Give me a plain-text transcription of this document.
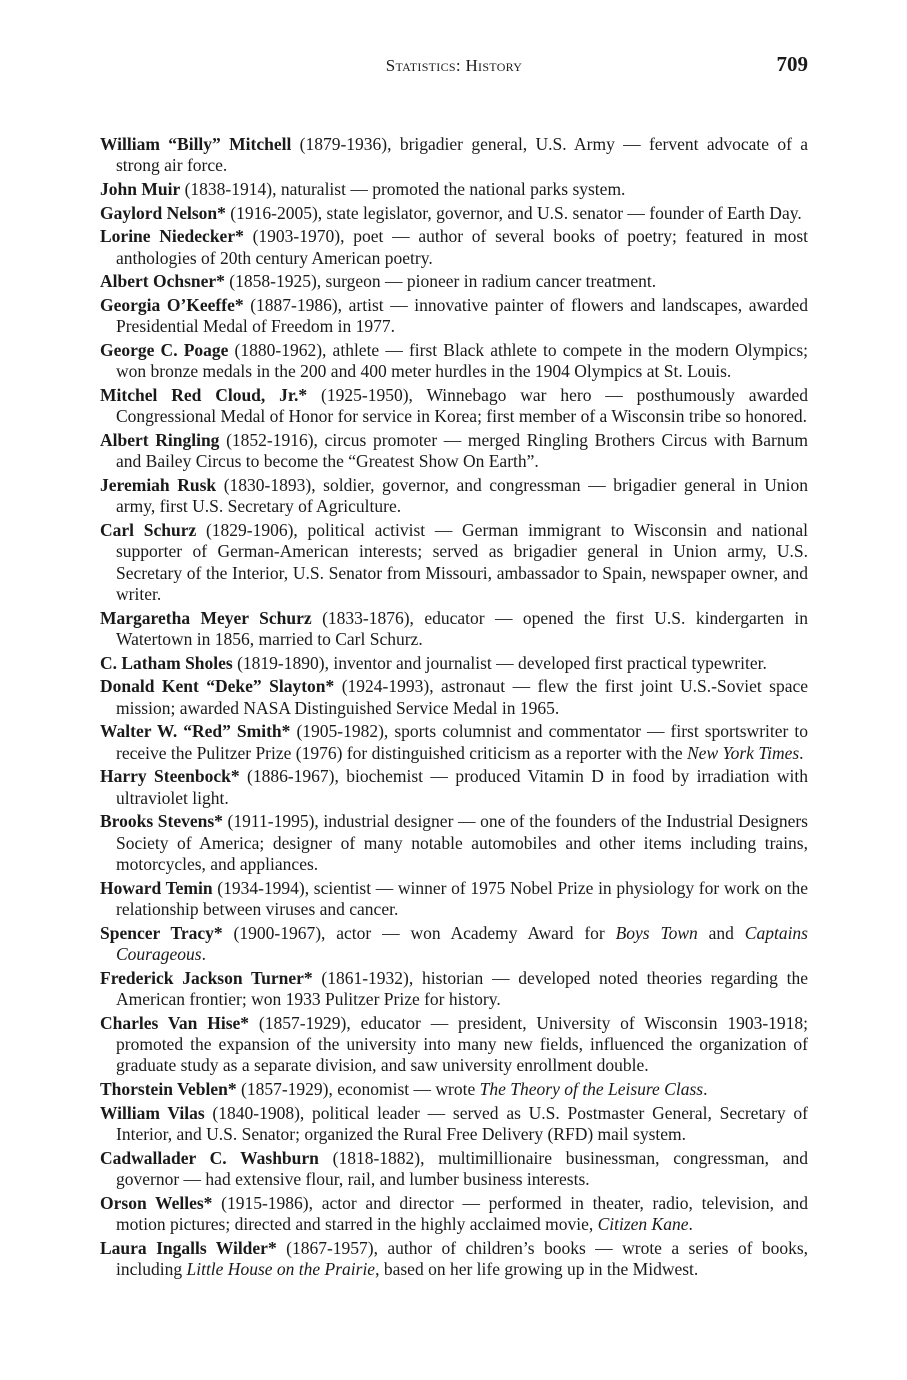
Statistics: History	709

William “Billy” Mitchell (1879-1936), brigadier general, U.S. Army — fervent advocate of a strong air force.

John Muir (1838-1914), naturalist — promoted the national parks system.

Gaylord Nelson* (1916-2005), state legislator, governor, and U.S. senator — founder of Earth Day.

Lorine Niedecker* (1903-1970), poet — author of several books of poetry; featured in most anthologies of 20th century American poetry.

Albert Ochsner* (1858-1925), surgeon — pioneer in radium cancer treatment.

Georgia O’Keeffe* (1887-1986), artist — innovative painter of flowers and landscapes, awarded Presidential Medal of Freedom in 1977.

George C. Poage (1880-1962), athlete — first Black athlete to compete in the modern Olympics; won bronze medals in the 200 and 400 meter hurdles in the 1904 Olympics at St. Louis.

Mitchel Red Cloud, Jr.* (1925-1950), Winnebago war hero — posthumously awarded Congressional Medal of Honor for service in Korea; first member of a Wisconsin tribe so honored.

Albert Ringling (1852-1916), circus promoter — merged Ringling Brothers Circus with Barnum and Bailey Circus to become the “Greatest Show On Earth”.

Jeremiah Rusk (1830-1893), soldier, governor, and congressman — brigadier general in Union army, first U.S. Secretary of Agriculture.

Carl Schurz (1829-1906), political activist — German immigrant to Wisconsin and national supporter of German-American interests; served as brigadier general in Union army, U.S. Secretary of the Interior, U.S. Senator from Missouri, ambassador to Spain, newspaper owner, and writer.

Margaretha Meyer Schurz (1833-1876), educator — opened the first U.S. kindergarten in Watertown in 1856, married to Carl Schurz.

C. Latham Sholes (1819-1890), inventor and journalist — developed first practical typewriter.

Donald Kent “Deke” Slayton* (1924-1993), astronaut — flew the first joint U.S.-Soviet space mission; awarded NASA Distinguished Service Medal in 1965.

Walter W. “Red” Smith* (1905-1982), sports columnist and commentator — first sportswriter to receive the Pulitzer Prize (1976) for distinguished criticism as a reporter with the New York Times.

Harry Steenbock* (1886-1967), biochemist — produced Vitamin D in food by irradiation with ultraviolet light.

Brooks Stevens* (1911-1995), industrial designer — one of the founders of the Industrial Designers Society of America; designer of many notable automobiles and other items including trains, motorcycles, and appliances.

Howard Temin (1934-1994), scientist — winner of 1975 Nobel Prize in physiology for work on the relationship between viruses and cancer.

Spencer Tracy* (1900-1967), actor — won Academy Award for Boys Town and Captains Courageous.

Frederick Jackson Turner* (1861-1932), historian — developed noted theories regarding the American frontier; won 1933 Pulitzer Prize for history.

Charles Van Hise* (1857-1929), educator — president, University of Wisconsin 1903-1918; promoted the expansion of the university into many new fields, influenced the organization of graduate study as a separate division, and saw university enrollment double.

Thorstein Veblen* (1857-1929), economist — wrote The Theory of the Leisure Class.

William Vilas (1840-1908), political leader — served as U.S. Postmaster General, Secretary of Interior, and U.S. Senator; organized the Rural Free Delivery (RFD) mail system.

Cadwallader C. Washburn (1818-1882), multimillionaire businessman, congressman, and governor — had extensive flour, rail, and lumber business interests.

Orson Welles* (1915-1986), actor and director — performed in theater, radio, television, and motion pictures; directed and starred in the highly acclaimed movie, Citizen Kane.

Laura Ingalls Wilder* (1867-1957), author of children’s books — wrote a series of books, including Little House on the Prairie, based on her life growing up in the Midwest.
